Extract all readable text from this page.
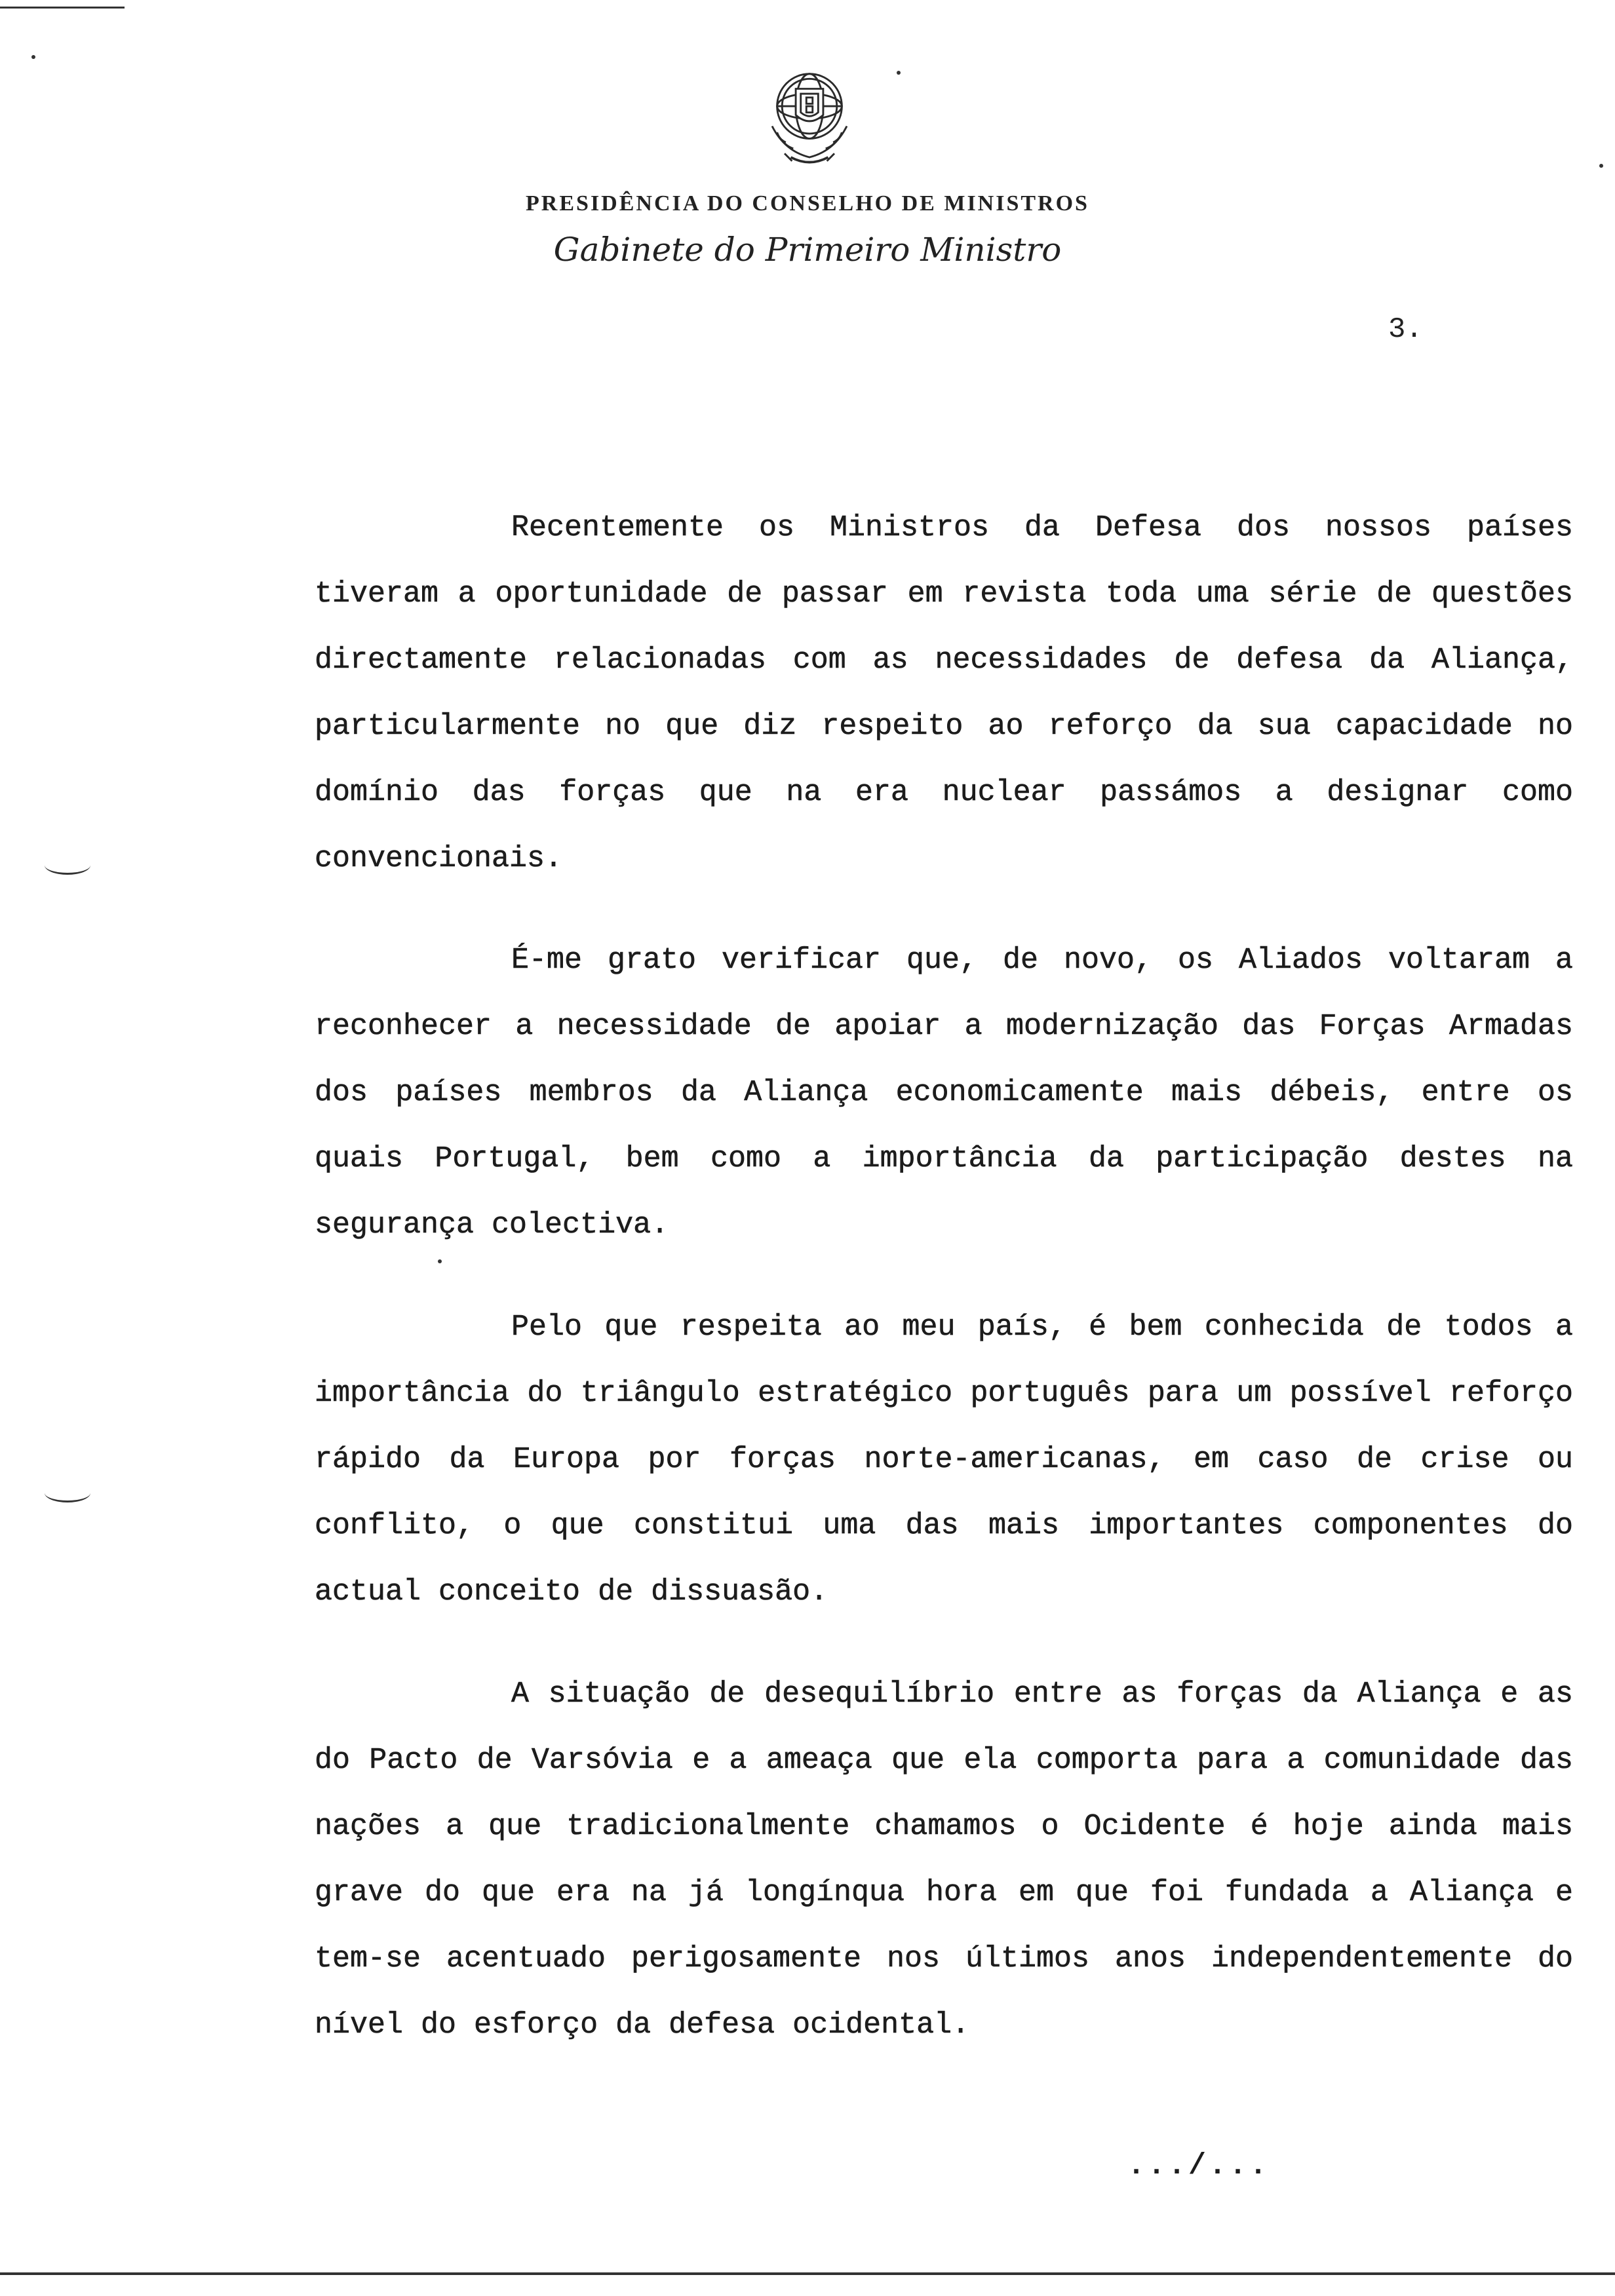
PRESIDÊNCIA DO CONSELHO DE MINISTROS
Gabinete do Primeiro Ministro
3.

Recentemente os Ministros da Defesa dos nossos países tiveram a oportunidade de passar em revista toda uma série de questões directamente relacionadas com as necessidades de defesa da Aliança, particularmente no que diz respeito ao reforço da sua capacidade no domínio das forças que na era nuclear passámos a designar como convencionais.

É-me grato verificar que, de novo, os Aliados voltaram a reconhecer a necessidade de apoiar a modernização das Forças Armadas dos países membros da Aliança economicamente mais débeis, entre os quais Portugal, bem como a importância da participação destes na segurança colectiva.

Pelo que respeita ao meu país, é bem conhecida de todos a importância do triângulo estratégico português para um possível reforço rápido da Europa por forças norte-americanas, em caso de crise ou conflito, o que constitui uma das mais importantes componentes do actual conceito de dissuasão.

A situação de desequilíbrio entre as forças da Aliança e as do Pacto de Varsóvia e a ameaça que ela comporta para a comunidade das nações a que tradicionalmente chamamos o Ocidente é hoje ainda mais grave do que era na já longínqua hora em que foi fundada a Aliança e tem-se acentuado perigosamente nos últimos anos independentemente do nível do esforço da defesa ocidental.

.../...
